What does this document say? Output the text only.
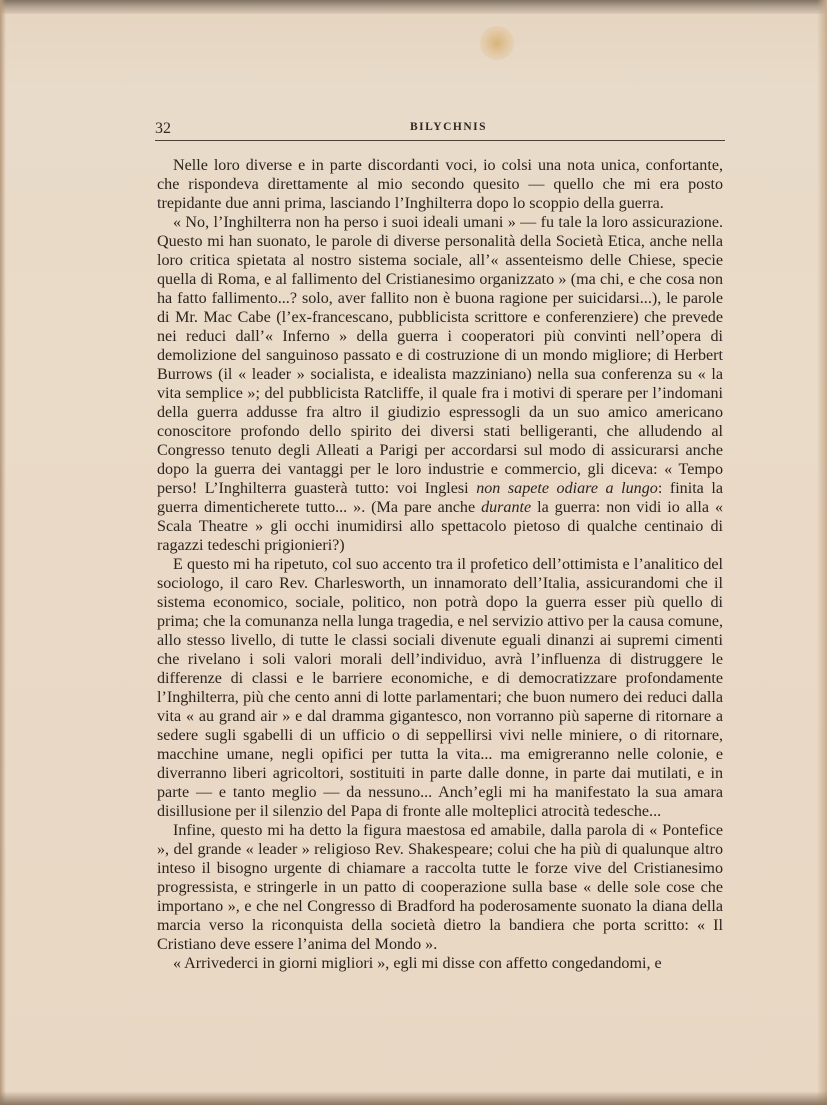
32	BILYCHNIS

Nelle loro diverse e in parte discordanti voci, io colsi una nota unica, confortante, che rispondeva direttamente al mio secondo quesito — quello che mi era posto trepidante due anni prima, lasciando l’Inghilterra dopo lo scoppio della guerra.

« No, l’Inghilterra non ha perso i suoi ideali umani » — fu tale la loro assicurazione. Questo mi han suonato, le parole di diverse personalità della Società Etica, anche nella loro critica spietata al nostro sistema sociale, all’« assenteismo delle Chiese, specie quella di Roma, e al fallimento del Cristianesimo organizzato » (ma chi, e che cosa non ha fatto fallimento...? solo, aver fallito non è buona ragione per suicidarsi...), le parole di Mr. Mac Cabe (l’ex-francescano, pubblicista scrittore e conferenziere) che prevede nei reduci dall’« Inferno » della guerra i cooperatori più convinti nell’opera di demolizione del sanguinoso passato e di costruzione di un mondo migliore; di Herbert Burrows (il « leader » socialista, e idealista mazziniano) nella sua conferenza su « la vita semplice »; del pubblicista Ratcliffe, il quale fra i motivi di sperare per l’indomani della guerra addusse fra altro il giudizio espressogli da un suo amico americano conoscitore profondo dello spirito dei diversi stati belligeranti, che alludendo al Congresso tenuto degli Alleati a Parigi per accordarsi sul modo di assicurarsi anche dopo la guerra dei vantaggi per le loro industrie e commercio, gli diceva: « Tempo perso! L’Inghilterra guasterà tutto: voi Inglesi non sapete odiare a lungo: finita la guerra dimenticherete tutto... ». (Ma pare anche durante la guerra: non vidi io alla « Scala Theatre » gli occhi inumidirsi allo spettacolo pietoso di qualche centinaio di ragazzi tedeschi prigionieri?)

E questo mi ha ripetuto, col suo accento tra il profetico dell’ottimista e l’analitico del sociologo, il caro Rev. Charlesworth, un innamorato dell’Italia, assicurandomi che il sistema economico, sociale, politico, non potrà dopo la guerra esser più quello di prima; che la comunanza nella lunga tragedia, e nel servizio attivo per la causa comune, allo stesso livello, di tutte le classi sociali divenute eguali dinanzi ai supremi cimenti che rivelano i soli valori morali dell’individuo, avrà l’influenza di distruggere le differenze di classi e le barriere economiche, e di democratizzare profondamente l’Inghilterra, più che cento anni di lotte parlamentari; che buon numero dei reduci dalla vita « au grand air » e dal dramma gigantesco, non vorranno più saperne di ritornare a sedere sugli sgabelli di un ufficio o di seppellirsi vivi nelle miniere, o di ritornare, macchine umane, negli opifici per tutta la vita... ma emigreranno nelle colonie, e diverranno liberi agricoltori, sostituiti in parte dalle donne, in parte dai mutilati, e in parte — e tanto meglio — da nessuno... Anch’egli mi ha manifestato la sua amara disillusione per il silenzio del Papa di fronte alle molteplici atrocità tedesche...

Infine, questo mi ha detto la figura maestosa ed amabile, dalla parola di « Pontefice », del grande « leader » religioso Rev. Shakespeare; colui che ha più di qualunque altro inteso il bisogno urgente di chiamare a raccolta tutte le forze vive del Cristianesimo progressista, e stringerle in un patto di cooperazione sulla base « delle sole cose che importano », e che nel Congresso di Bradford ha poderosamente suonato la diana della marcia verso la riconquista della società dietro la bandiera che porta scritto: « Il Cristiano deve essere l’anima del Mondo ».

« Arrivederci in giorni migliori », egli mi disse con affetto congedandomi, e
